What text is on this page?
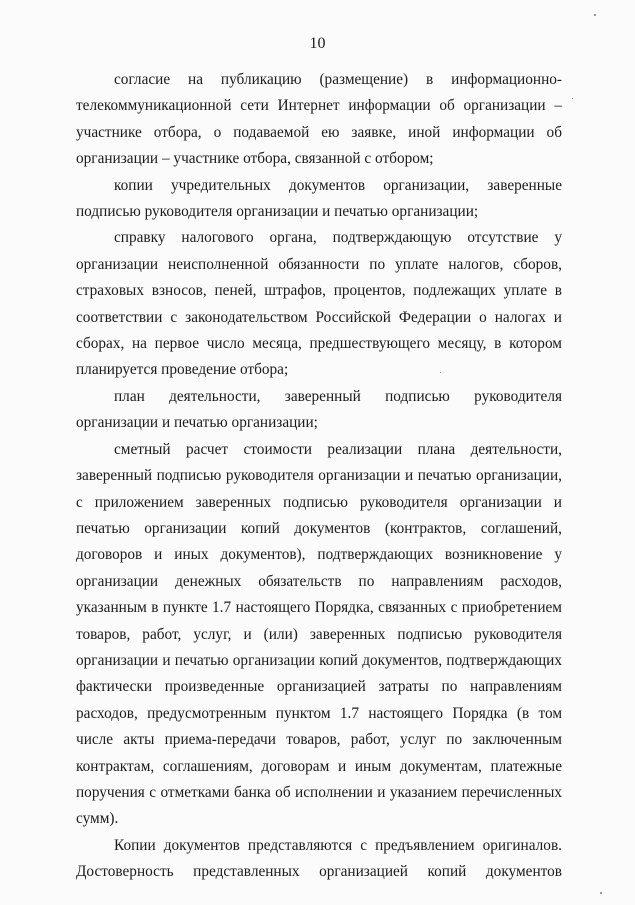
10

согласие на публикацию (размещение) в информационно-телекоммуникационной сети Интернет информации об организации – участнике отбора, о подаваемой ею заявке, иной информации об организации – участнике отбора, связанной с отбором;

копии учредительных документов организации, заверенные подписью руководителя организации и печатью организации;

справку налогового органа, подтверждающую отсутствие у организации неисполненной обязанности по уплате налогов, сборов, страховых взносов, пеней, штрафов, процентов, подлежащих уплате в соответствии с законодательством Российской Федерации о налогах и сборах, на первое число месяца, предшествующего месяцу, в котором планируется проведение отбора;

план деятельности, заверенный подписью руководителя организации и печатью организации;

сметный расчет стоимости реализации плана деятельности, заверенный подписью руководителя организации и печатью организации, с приложением заверенных подписью руководителя организации и печатью организации копий документов (контрактов, соглашений, договоров и иных документов), подтверждающих возникновение у организации денежных обязательств по направлениям расходов, указанным в пункте 1.7 настоящего Порядка, связанных с приобретением товаров, работ, услуг, и (или) заверенных подписью руководителя организации и печатью организации копий документов, подтверждающих фактически произведенные организацией затраты по направлениям расходов, предусмотренным пунктом 1.7 настоящего Порядка (в том числе акты приема-передачи товаров, работ, услуг по заключенным контрактам, соглашениям, договорам и иным документам, платежные поручения с отметками банка об исполнении и указанием перечисленных сумм).

Копии документов представляются с предъявлением оригиналов. Достоверность представленных организацией копий документов
